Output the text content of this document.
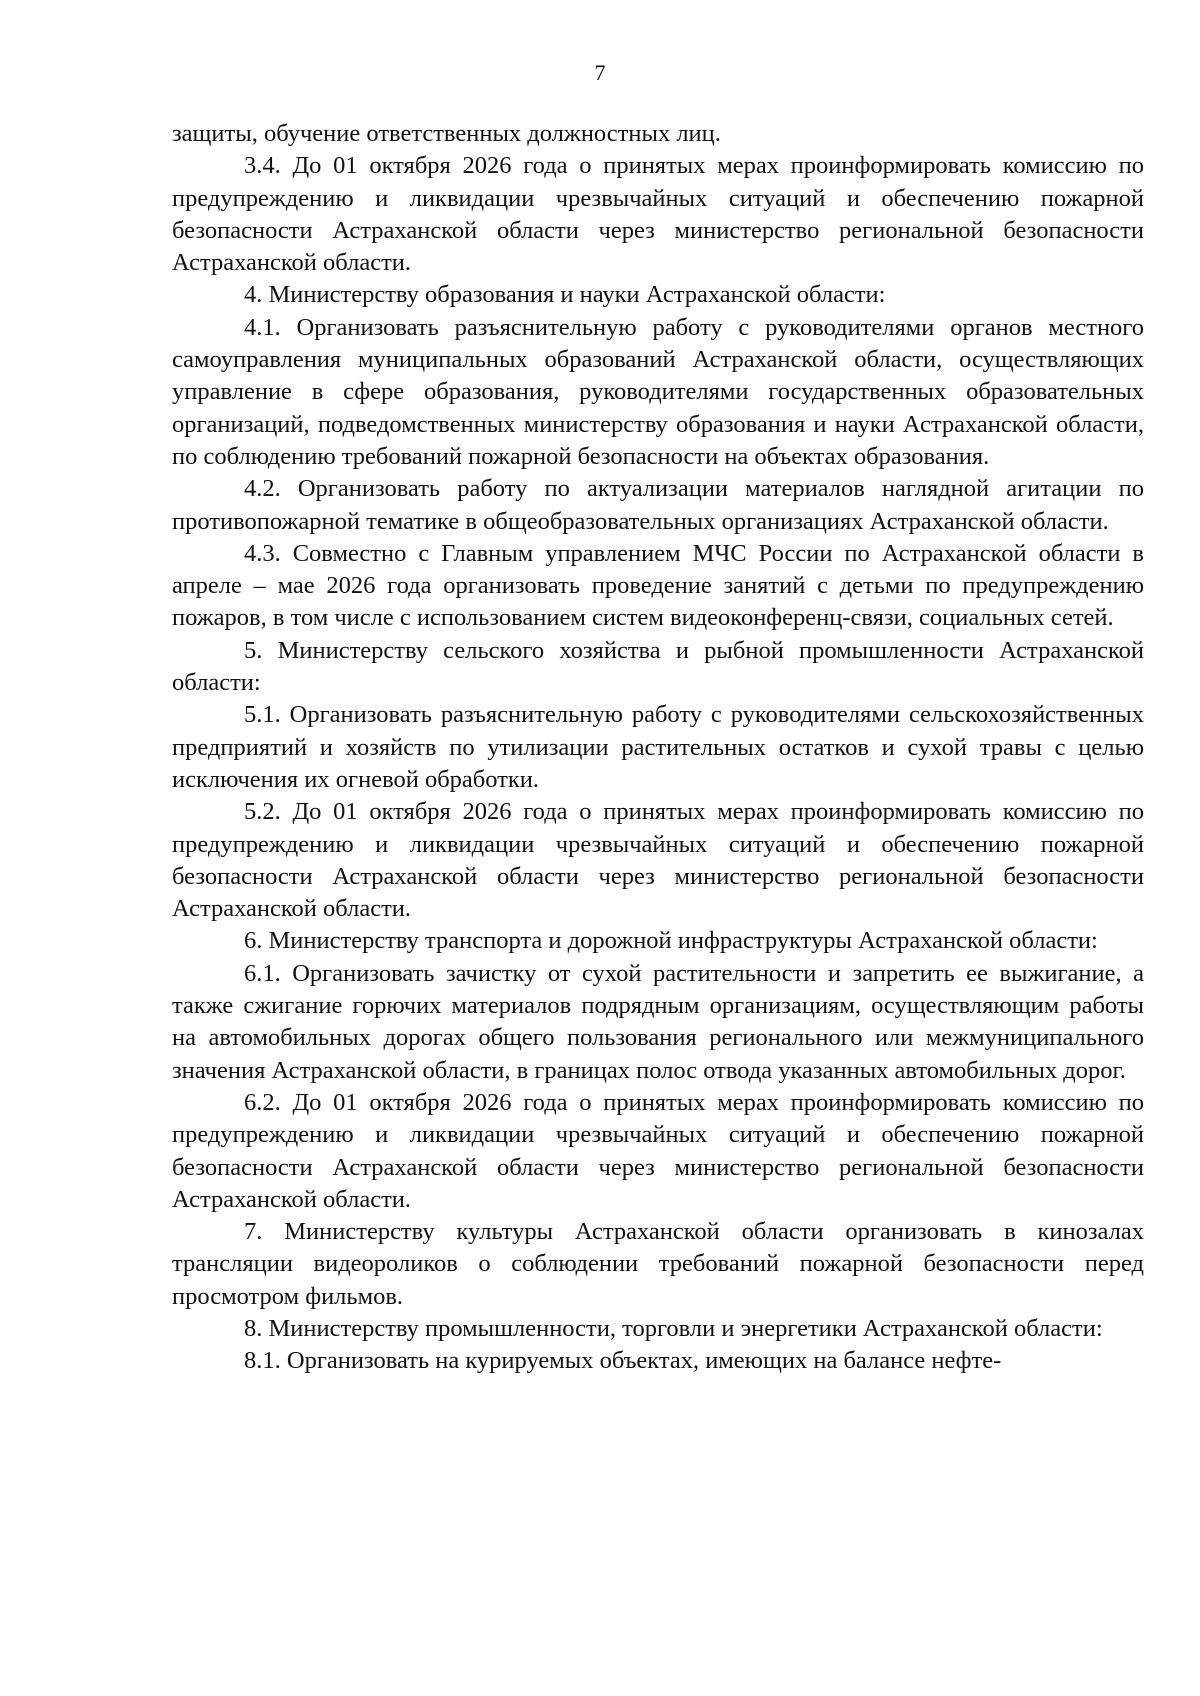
7

защиты, обучение ответственных должностных лиц.

3.4. До 01 октября 2026 года о принятых мерах проинформировать комиссию по предупреждению и ликвидации чрезвычайных ситуаций и обеспечению пожарной безопасности Астраханской области через министерство региональной безопасности Астраханской области.

4. Министерству образования и науки Астраханской области:

4.1. Организовать разъяснительную работу с руководителями органов местного самоуправления муниципальных образований Астраханской области, осуществляющих управление в сфере образования, руководителями государственных образовательных организаций, подведомственных министерству образования и науки Астраханской области, по соблюдению требований пожарной безопасности на объектах образования.

4.2. Организовать работу по актуализации материалов наглядной агитации по противопожарной тематике в общеобразовательных организациях Астраханской области.

4.3. Совместно с Главным управлением МЧС России по Астраханской области в апреле – мае 2026 года организовать проведение занятий с детьми по предупреждению пожаров, в том числе с использованием систем видеоконференц-связи, социальных сетей.

5. Министерству сельского хозяйства и рыбной промышленности Астраханской области:

5.1. Организовать разъяснительную работу с руководителями сельскохозяйственных предприятий и хозяйств по утилизации растительных остатков и сухой травы с целью исключения их огневой обработки.

5.2. До 01 октября 2026 года о принятых мерах проинформировать комиссию по предупреждению и ликвидации чрезвычайных ситуаций и обеспечению пожарной безопасности Астраханской области через министерство региональной безопасности Астраханской области.

6. Министерству транспорта и дорожной инфраструктуры Астраханской области:

6.1. Организовать зачистку от сухой растительности и запретить ее выжигание, а также сжигание горючих материалов подрядным организациям, осуществляющим работы на автомобильных дорогах общего пользования регионального или межмуниципального значения Астраханской области, в границах полос отвода указанных автомобильных дорог.

6.2. До 01 октября 2026 года о принятых мерах проинформировать комиссию по предупреждению и ликвидации чрезвычайных ситуаций и обеспечению пожарной безопасности Астраханской области через министерство региональной безопасности Астраханской области.

7. Министерству культуры Астраханской области организовать в кинозалах трансляции видеороликов о соблюдении требований пожарной безопасности перед просмотром фильмов.

8. Министерству промышленности, торговли и энергетики Астраханской области:

8.1. Организовать на курируемых объектах, имеющих на балансе нефте-
